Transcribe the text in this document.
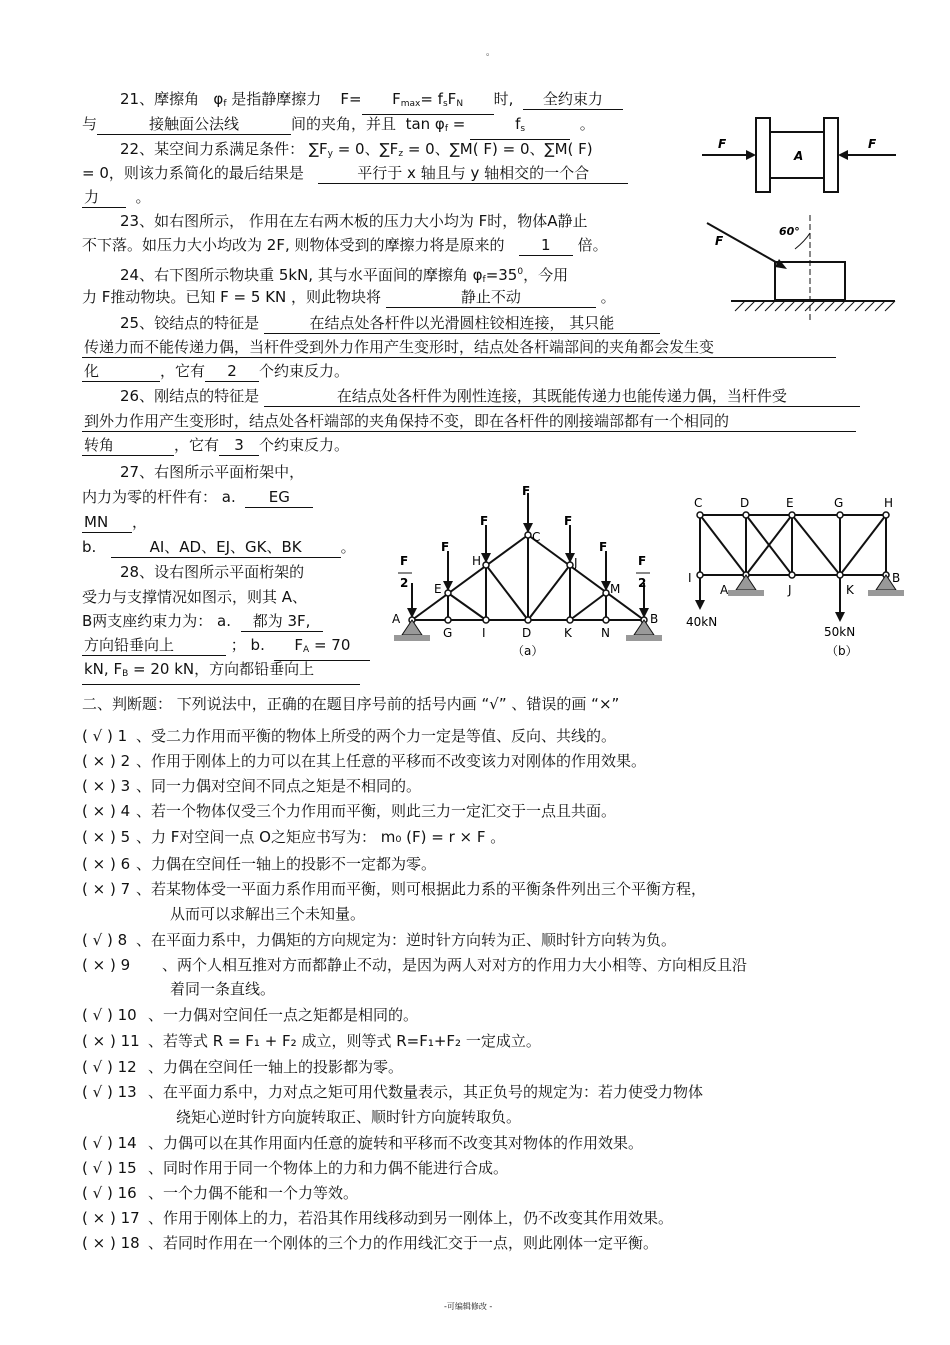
。
21、摩擦角 $\varphi_f$ 是指静摩擦力 $F= F_{max}= f_sF_N$ 时, 全约束力
与	接触面公法线	间的夹角，并且 $\tan \varphi_f$ =	$f_s$	。
22、某空间力系满足条件： $\sum F_y = 0$、$\sum F_z = 0$、∑M( F) = 0、∑M( F)
= 0，则该力系简化的最后结果是	平行于 x 轴且与 y 轴相交的一个合
力 。
23、如右图所示， 作用在左右两木板的压力大小均为 F时，物体A静止
不下落。如压力大小均改为 2F, 则物体受到的摩擦力将是原来的 1 倍。
24、右下图所示物块重 5kN, 其与水平面间的摩擦角 $\varphi_f=35^0$，今用
力 F推动物块。已知 F = 5 KN ，则此物块将	静止不动	。
25、铰结点的特征是	在结点处各杆件以光滑圆柱铰相连接， 其只能
传递力而不能传递力偶，当杆件受到外力作用产生变形时，结点处各杆端部间的夹角都会发生变
化	，它有 2 个约束反力。
26、刚结点的特征是	在结点处各杆件为刚性连接，其既能传递力也能传递力偶，当杆件受
到外力作用产生变形时，结点处各杆端部的夹角保持不变，即在各杆件的刚接端部都有一个相同的
转角	，它有 3 个约束反力。
27、右图所示平面桁架中，
内力为零的杆件有： a. EG
MN ，
b.	AI、AD、EJ、GK、BK	。
28、设右图所示平面桁架的
受力与支撑情况如图示，则其 A、
B两支座约束力为： a. 都为 3F,
方向铅垂向上	； b. $F_A = 70$
kN, $F_B = 20$ kN，方向都铅垂向上
A
F	F
60°
F
F
F	F
F	F
F
2
F
2
A
E
H
C
J
M
B
G I	D	K N
（a）
C	D	E	G	H
I
A	J	K
B
40kN
50kN
（b）
二、判断题： 下列说法中，正确的在题目序号前的括号内画 “√” 、错误的画 “×”
( √ ) 1 、受二力作用而平衡的物体上所受的两个力一定是等值、反向、共线的。
( × ) 2 、作用于刚体上的力可以在其上任意的平移而不改变该力对刚体的作用效果。
( × ) 3 、同一力偶对空间不同点之矩是不相同的。
( × ) 4 、若一个物体仅受三个力作用而平衡，则此三力一定汇交于一点且共面。
( × ) 5 、力 F对空间一点 O之矩应书写为： m₀ (F) = r × F 。
( × ) 6 、力偶在空间任一轴上的投影不一定都为零。
( × ) 7 、若某物体受一平面力系作用而平衡，则可根据此力系的平衡条件列出三个平衡方程，
从而可以求解出三个未知量。
( √ ) 8 、在平面力系中，力偶矩的方向规定为：逆时针方向转为正、顺时针方向转为负。
( × ) 9 、两个人相互推对方而都静止不动，是因为两人对对方的作用力大小相等、方向相反且沿
着同一条直线。
( √ ) 10 、一力偶对空间任一点之矩都是相同的。
( × ) 11 、若等式 R = F₁ + F₂ 成立，则等式 R=F₁+F₂ 一定成立。
( √ ) 12 、力偶在空间任一轴上的投影都为零。
( √ ) 13 、在平面力系中，力对点之矩可用代数量表示，其正负号的规定为：若力使受力物体
绕矩心逆时针方向旋转取正、顺时针方向旋转取负。
( √ ) 14 、力偶可以在其作用面内任意的旋转和平移而不改变其对物体的作用效果。
( √ ) 15 、同时作用于同一个物体上的力和力偶不能进行合成。
( √ ) 16 、一个力偶不能和一个力等效。
( × ) 17 、作用于刚体上的力，若沿其作用线移动到另一刚体上，仍不改变其作用效果。
( × ) 18 、若同时作用在一个刚体的三个力的作用线汇交于一点，则此刚体一定平衡。
-可编辑修改 -
